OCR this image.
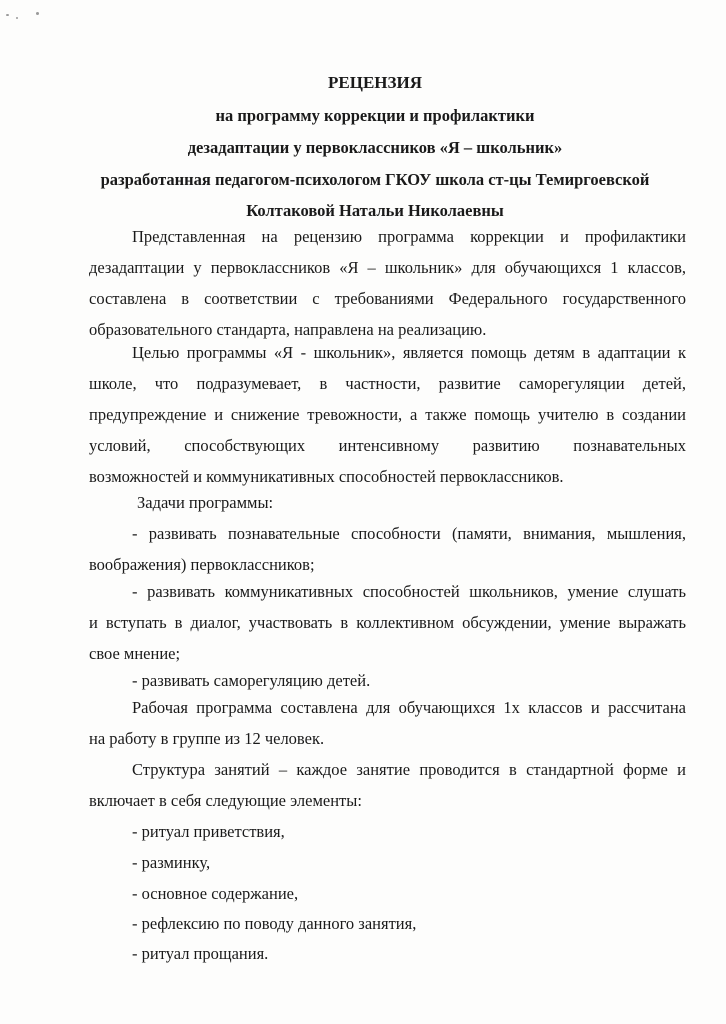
РЕЦЕНЗИЯ
на программу коррекции и профилактики
дезадаптации у первоклассников «Я – школьник»
разработанная педагогом-психологом ГКОУ школа ст-цы Темиргоевской
Колтаковой Натальи Николаевны
Представленная на рецензию программа коррекции и профилактики
дезадаптации у первоклассников «Я – школьник» для обучающихся 1 классов,
составлена в соответствии с требованиями Федерального государственного
образовательного стандарта, направлена на реализацию.
Целью программы «Я - школьник», является помощь детям в адаптации к
школе, что подразумевает, в частности, развитие саморегуляции детей,
предупреждение и снижение тревожности, а также помощь учителю в создании
условий, способствующих интенсивному развитию познавательных
возможностей и коммуникативных способностей первоклассников.
Задачи программы:
- развивать познавательные способности (памяти, внимания, мышления,
воображения) первоклассников;
- развивать коммуникативных способностей школьников, умение слушать
и вступать в диалог, участвовать в коллективном обсуждении, умение выражать
свое мнение;
- развивать саморегуляцию детей.
Рабочая программа составлена для обучающихся 1х классов и рассчитана
на работу в группе из 12 человек.
Структура занятий – каждое занятие проводится в стандартной форме и
включает в себя следующие элементы:
- ритуал приветствия,
- разминку,
- основное содержание,
- рефлексию по поводу данного занятия,
- ритуал прощания.
